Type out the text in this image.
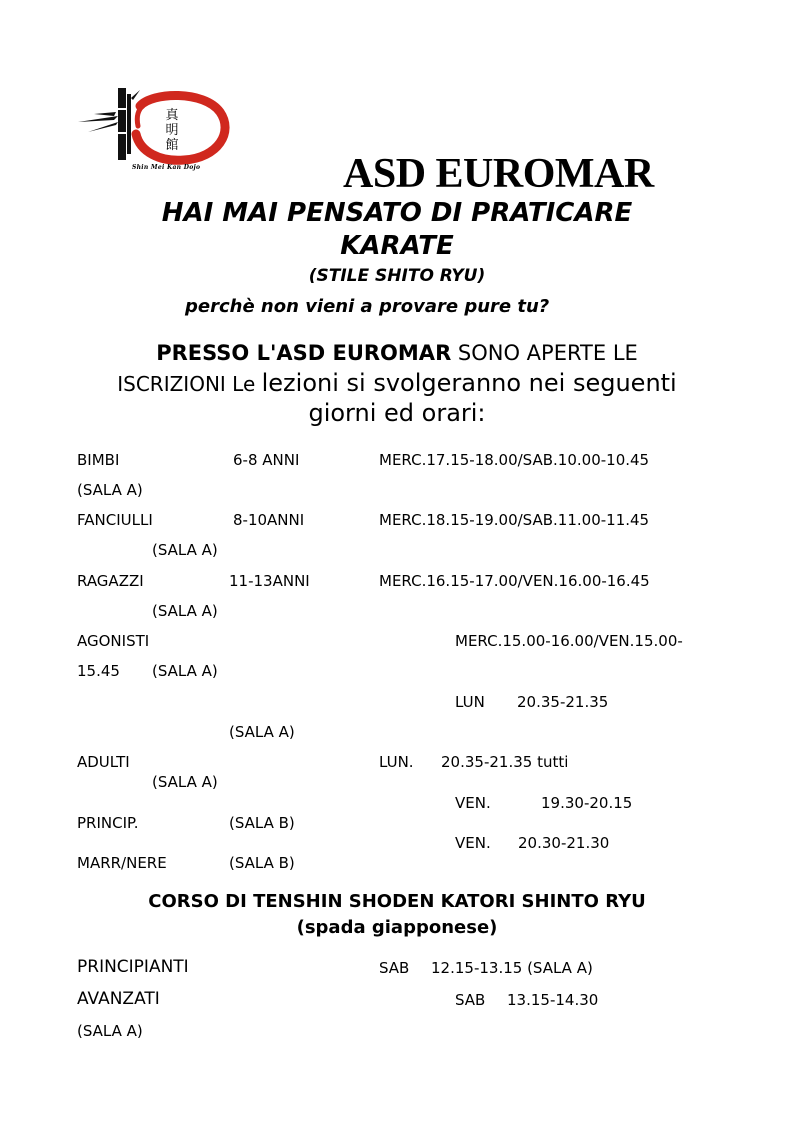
真
明
館
Shin Mei Kan Dojo	ASD EUROMAR
HAI MAI PENSATO DI PRATICARE
KARATE
(STILE SHITO RYU)
perchè non vieni a provare pure tu?
PRESSO L'ASD EUROMAR SONO APERTE LE
ISCRIZIONI Le lezioni si svolgeranno nei seguenti
giorni ed orari:
BIMBI	6-8 ANNI	MERC.17.15-18.00/SAB.10.00-10.45
(SALA A)
FANCIULLI	8-10ANNI	MERC.18.15-19.00/SAB.11.00-11.45
(SALA A)
RAGAZZI	11-13ANNI	MERC.16.15-17.00/VEN.16.00-16.45
(SALA A)
AGONISTI	MERC.15.00-16.00/VEN.15.00-
15.45 (SALA A)
LUN 20.35-21.35
(SALA A)
ADULTI	LUN. 20.35-21.35 tutti
(SALA A)
VEN.	19.30-20.15
PRINCIP.	(SALA B)
VEN. 20.30-21.30
MARR/NERE	(SALA B)
CORSO DI TENSHIN SHODEN KATORI SHINTO RYU
(spada giapponese)
PRINCIPIANTI	SAB 12.15-13.15 (SALA A)
AVANZATI	SAB 13.15-14.30
(SALA A)
